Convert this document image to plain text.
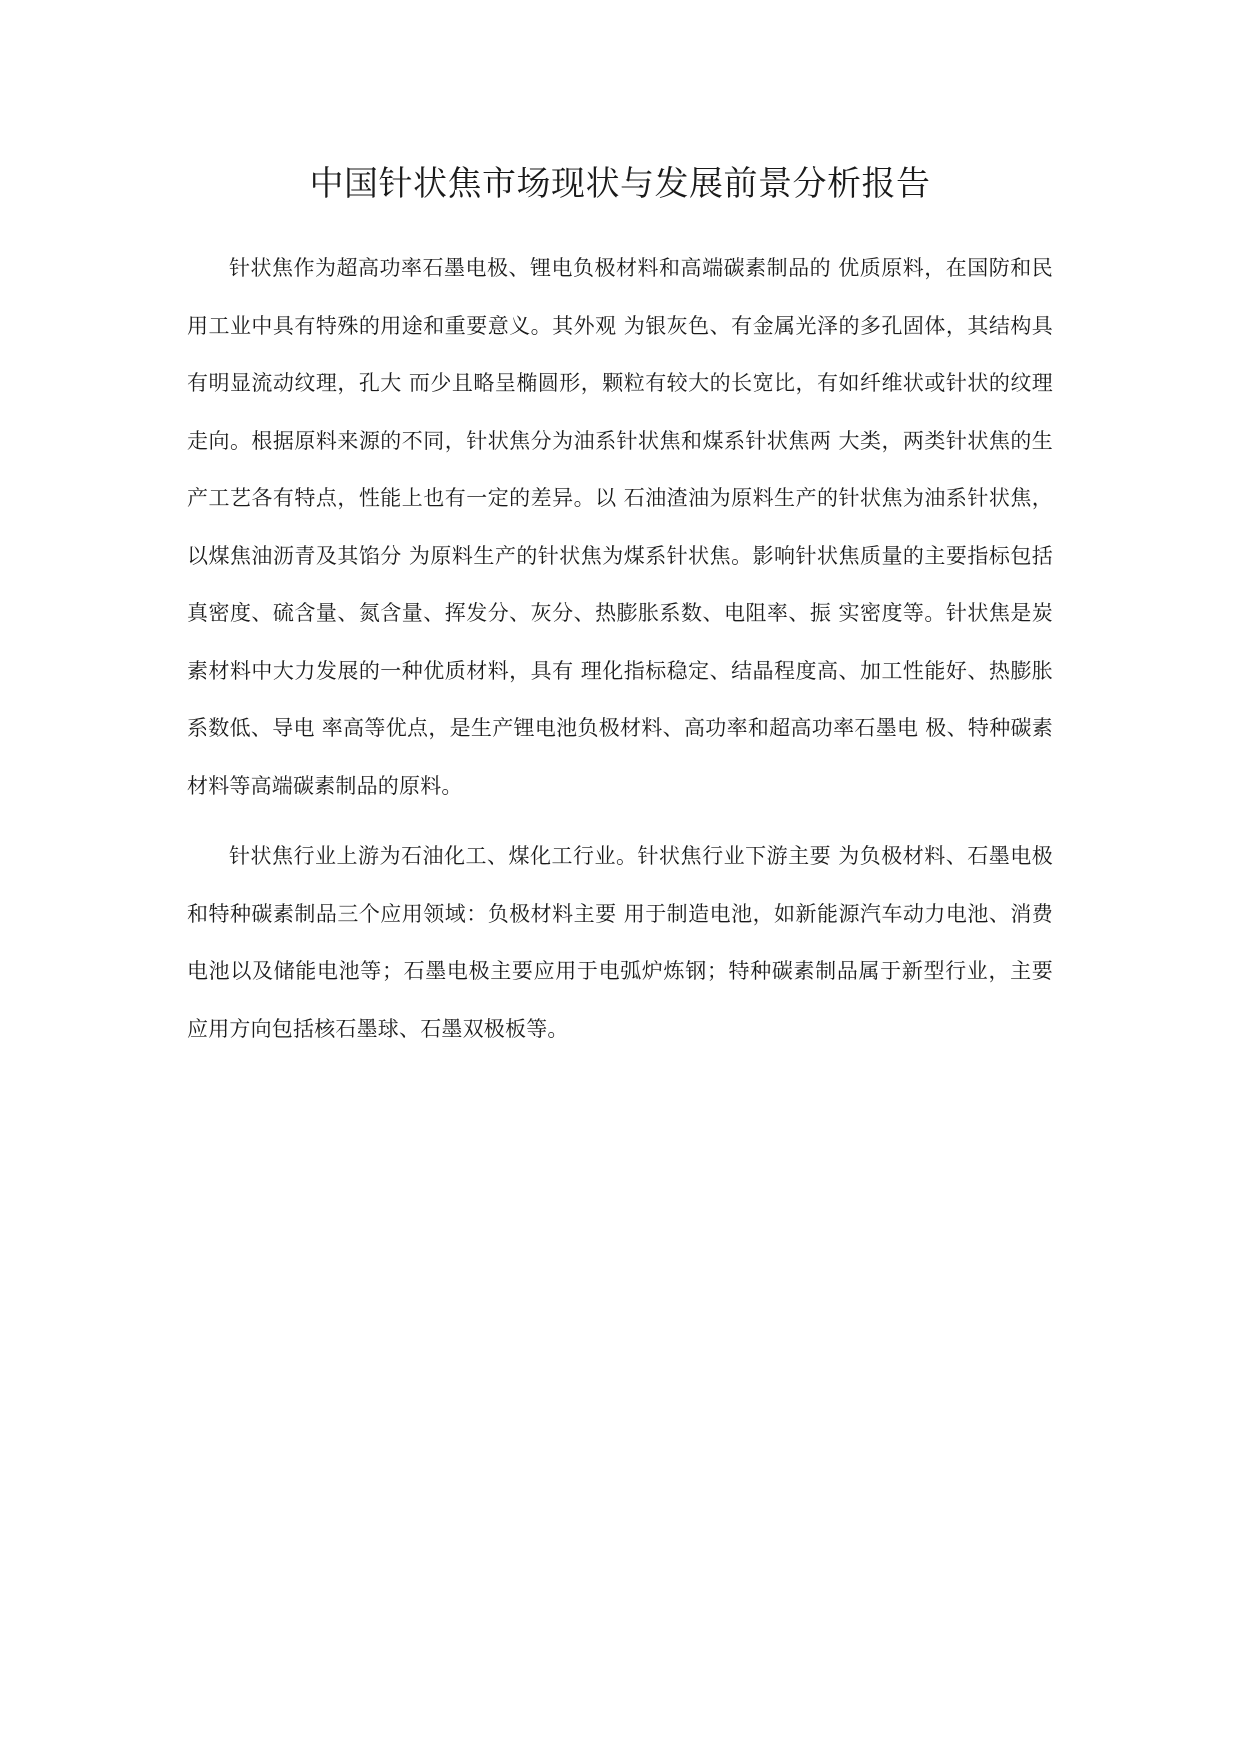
中国针状焦市场现状与发展前景分析报告

针状焦作为超高功率石墨电极、锂电负极材料和高端碳素制品的 优质原料，在国防和民用工业中具有特殊的用途和重要意义。其外观 为银灰色、有金属光泽的多孔固体，其结构具有明显流动纹理，孔大 而少且略呈椭圆形，颗粒有较大的长宽比，有如纤维状或针状的纹理 走向。根据原料来源的不同，针状焦分为油系针状焦和煤系针状焦两 大类，两类针状焦的生产工艺各有特点，性能上也有一定的差异。以 石油渣油为原料生产的针状焦为油系针状焦，以煤焦油沥青及其馅分 为原料生产的针状焦为煤系针状焦。影响针状焦质量的主要指标包括 真密度、硫含量、氮含量、挥发分、灰分、热膨胀系数、电阻率、振 实密度等。针状焦是炭素材料中大力发展的一种优质材料，具有 理化指标稳定、结晶程度高、加工性能好、热膨胀系数低、导电 率高等优点，是生产锂电池负极材料、高功率和超高功率石墨电 极、特种碳素材料等高端碳素制品的原料。

针状焦行业上游为石油化工、煤化工行业。针状焦行业下游主要 为负极材料、石墨电极和特种碳素制品三个应用领域：负极材料主要 用于制造电池，如新能源汽车动力电池、消费电池以及储能电池等；石墨电极主要应用于电弧炉炼钢；特种碳素制品属于新型行业，主要 应用方向包括核石墨球、石墨双极板等。
